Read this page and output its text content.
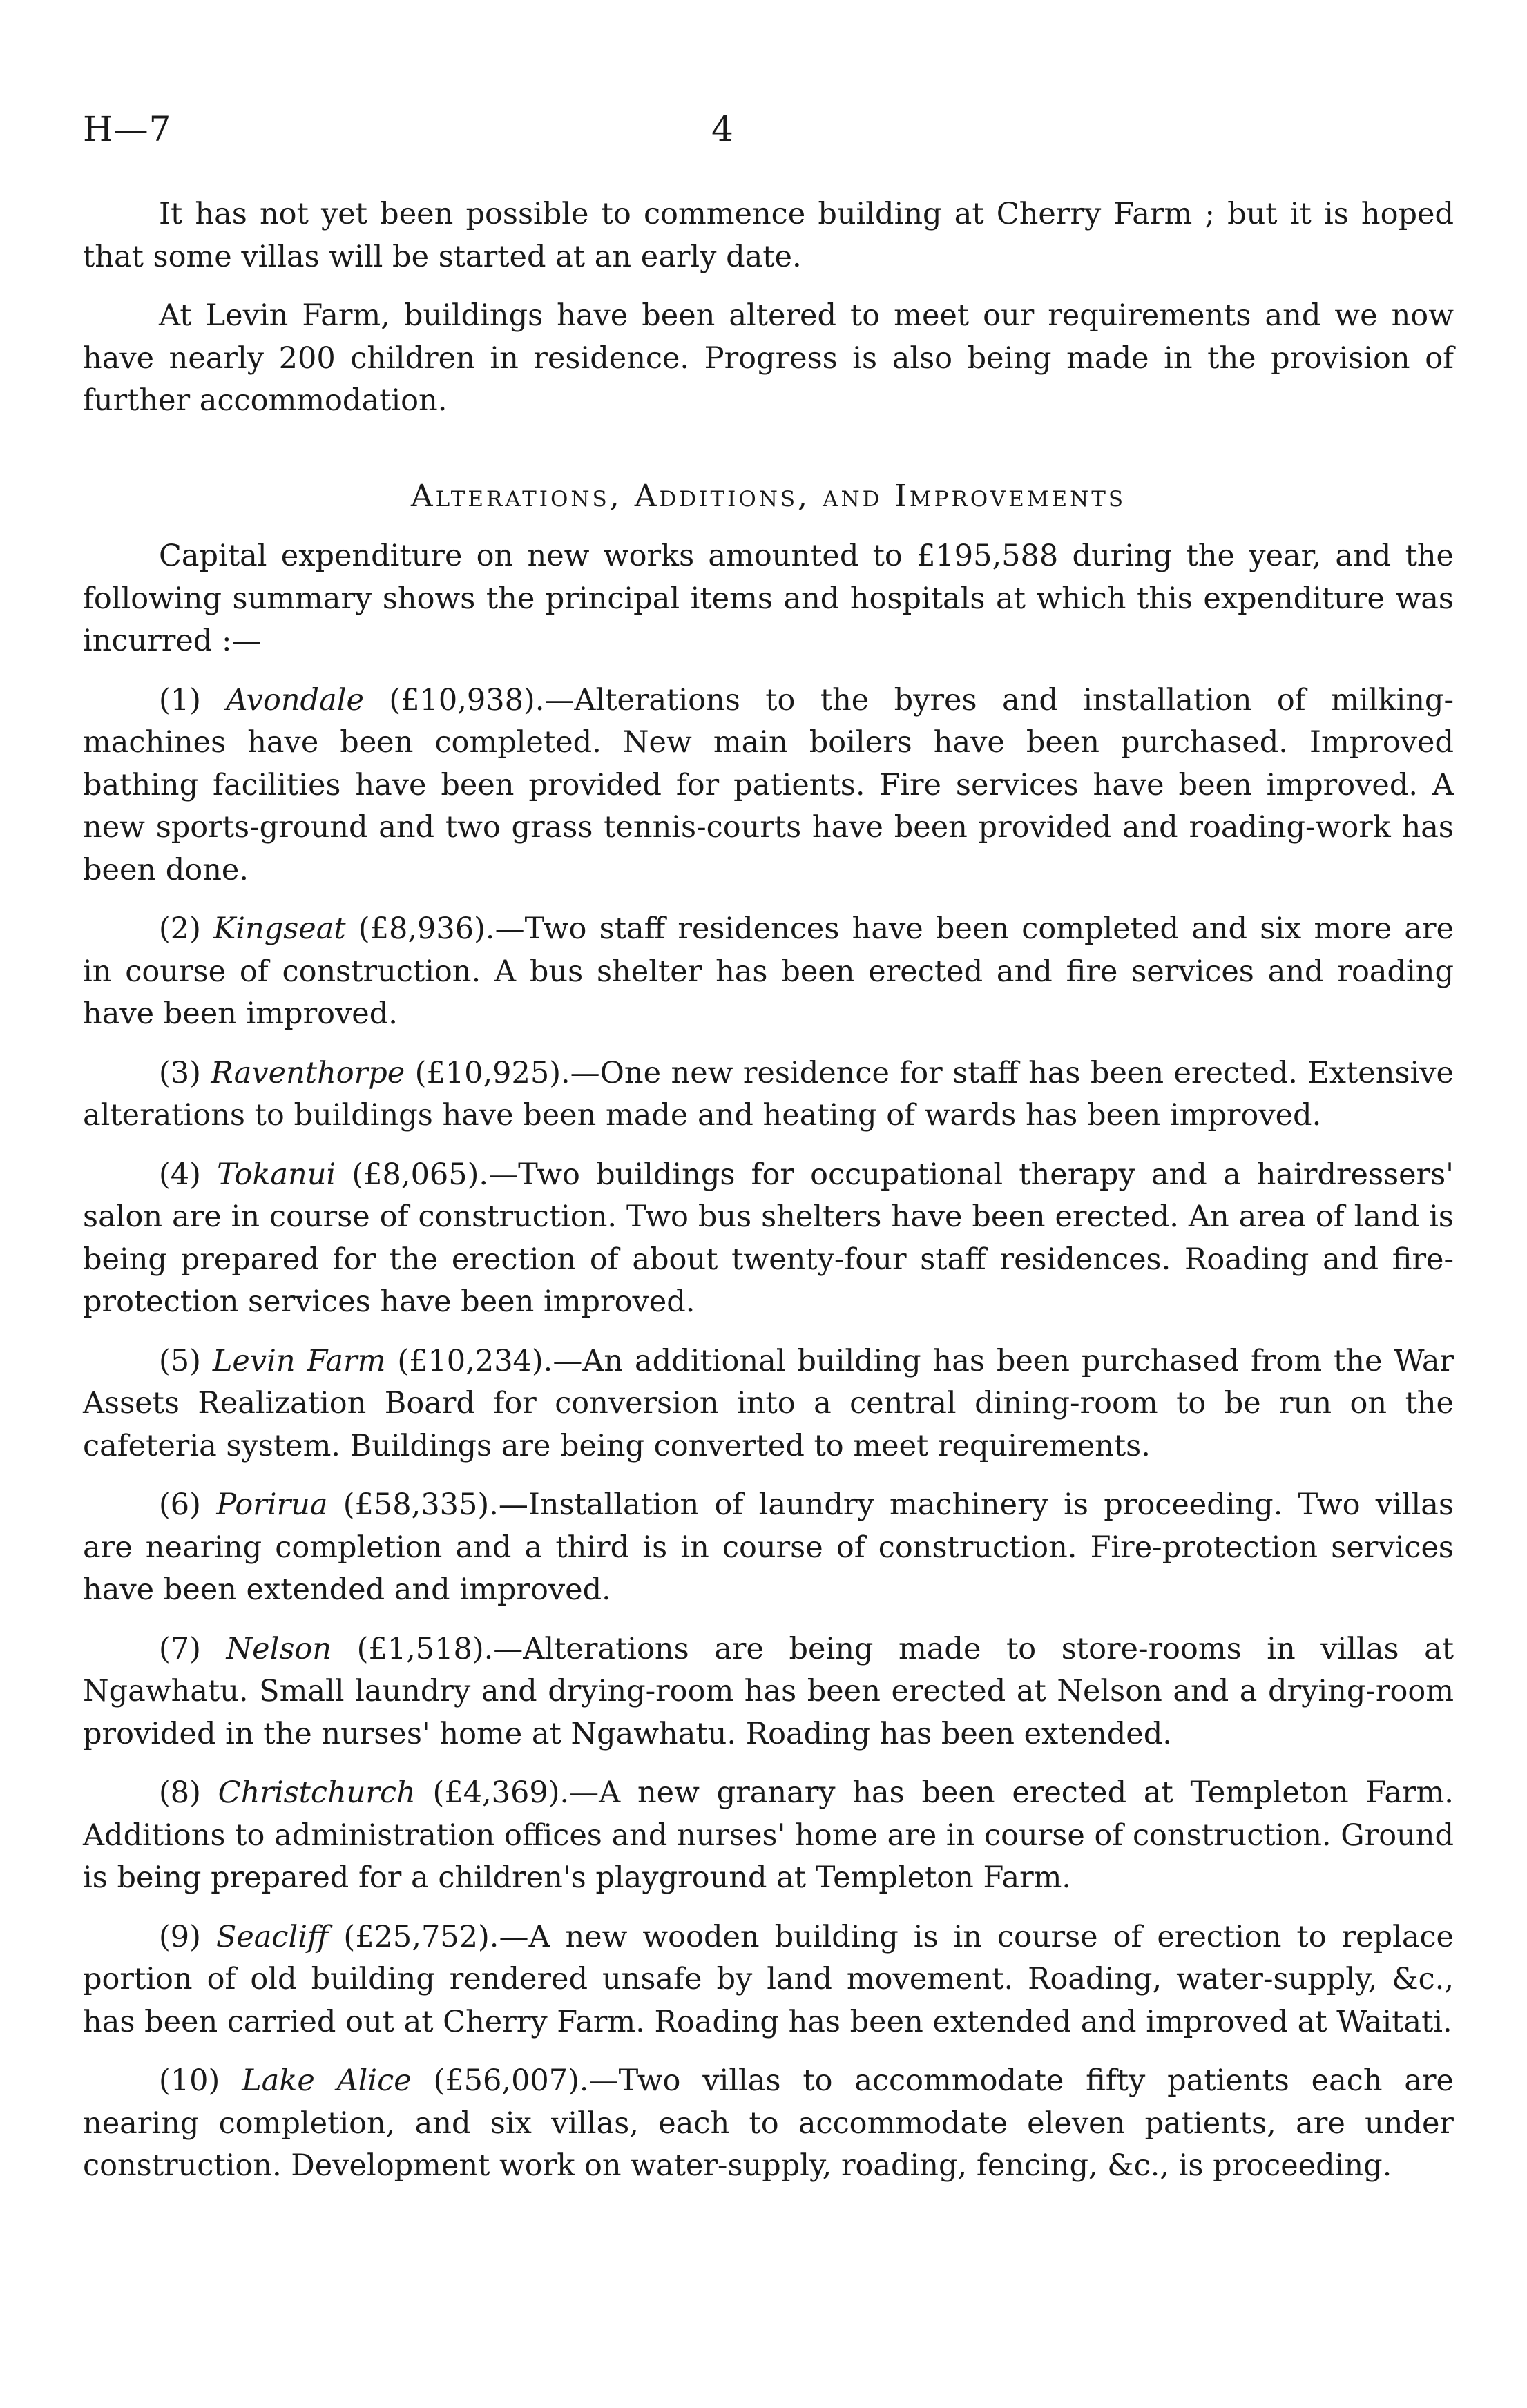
H—7	4

It has not yet been possible to commence building at Cherry Farm ; but it is hoped that some villas will be started at an early date.

At Levin Farm, buildings have been altered to meet our requirements and we now have nearly 200 children in residence. Progress is also being made in the provision of further accommodation.

Alterations, Additions, and Improvements

Capital expenditure on new works amounted to £195,588 during the year, and the following summary shows the principal items and hospitals at which this expenditure was incurred :—

(1) Avondale (£10,938).—Alterations to the byres and installation of milking-machines have been completed. New main boilers have been purchased. Improved bathing facilities have been provided for patients. Fire services have been improved. A new sports-ground and two grass tennis-courts have been provided and roading-work has been done.

(2) Kingseat (£8,936).—Two staff residences have been completed and six more are in course of construction. A bus shelter has been erected and fire services and roading have been improved.

(3) Raventhorpe (£10,925).—One new residence for staff has been erected. Extensive alterations to buildings have been made and heating of wards has been improved.

(4) Tokanui (£8,065).—Two buildings for occupational therapy and a hairdressers' salon are in course of construction. Two bus shelters have been erected. An area of land is being prepared for the erection of about twenty-four staff residences. Roading and fire-protection services have been improved.

(5) Levin Farm (£10,234).—An additional building has been purchased from the War Assets Realization Board for conversion into a central dining-room to be run on the cafeteria system. Buildings are being converted to meet requirements.

(6) Porirua (£58,335).—Installation of laundry machinery is proceeding. Two villas are nearing completion and a third is in course of construction. Fire-protection services have been extended and improved.

(7) Nelson (£1,518).—Alterations are being made to store-rooms in villas at Ngawhatu. Small laundry and drying-room has been erected at Nelson and a drying-room provided in the nurses' home at Ngawhatu. Roading has been extended.

(8) Christchurch (£4,369).—A new granary has been erected at Templeton Farm. Additions to administration offices and nurses' home are in course of construction. Ground is being prepared for a children's playground at Templeton Farm.

(9) Seacliff (£25,752).—A new wooden building is in course of erection to replace portion of old building rendered unsafe by land movement. Roading, water-supply, &c., has been carried out at Cherry Farm. Roading has been extended and improved at Waitati.

(10) Lake Alice (£56,007).—Two villas to accommodate fifty patients each are nearing completion, and six villas, each to accommodate eleven patients, are under construction. Development work on water-supply, roading, fencing, &c., is proceeding.
